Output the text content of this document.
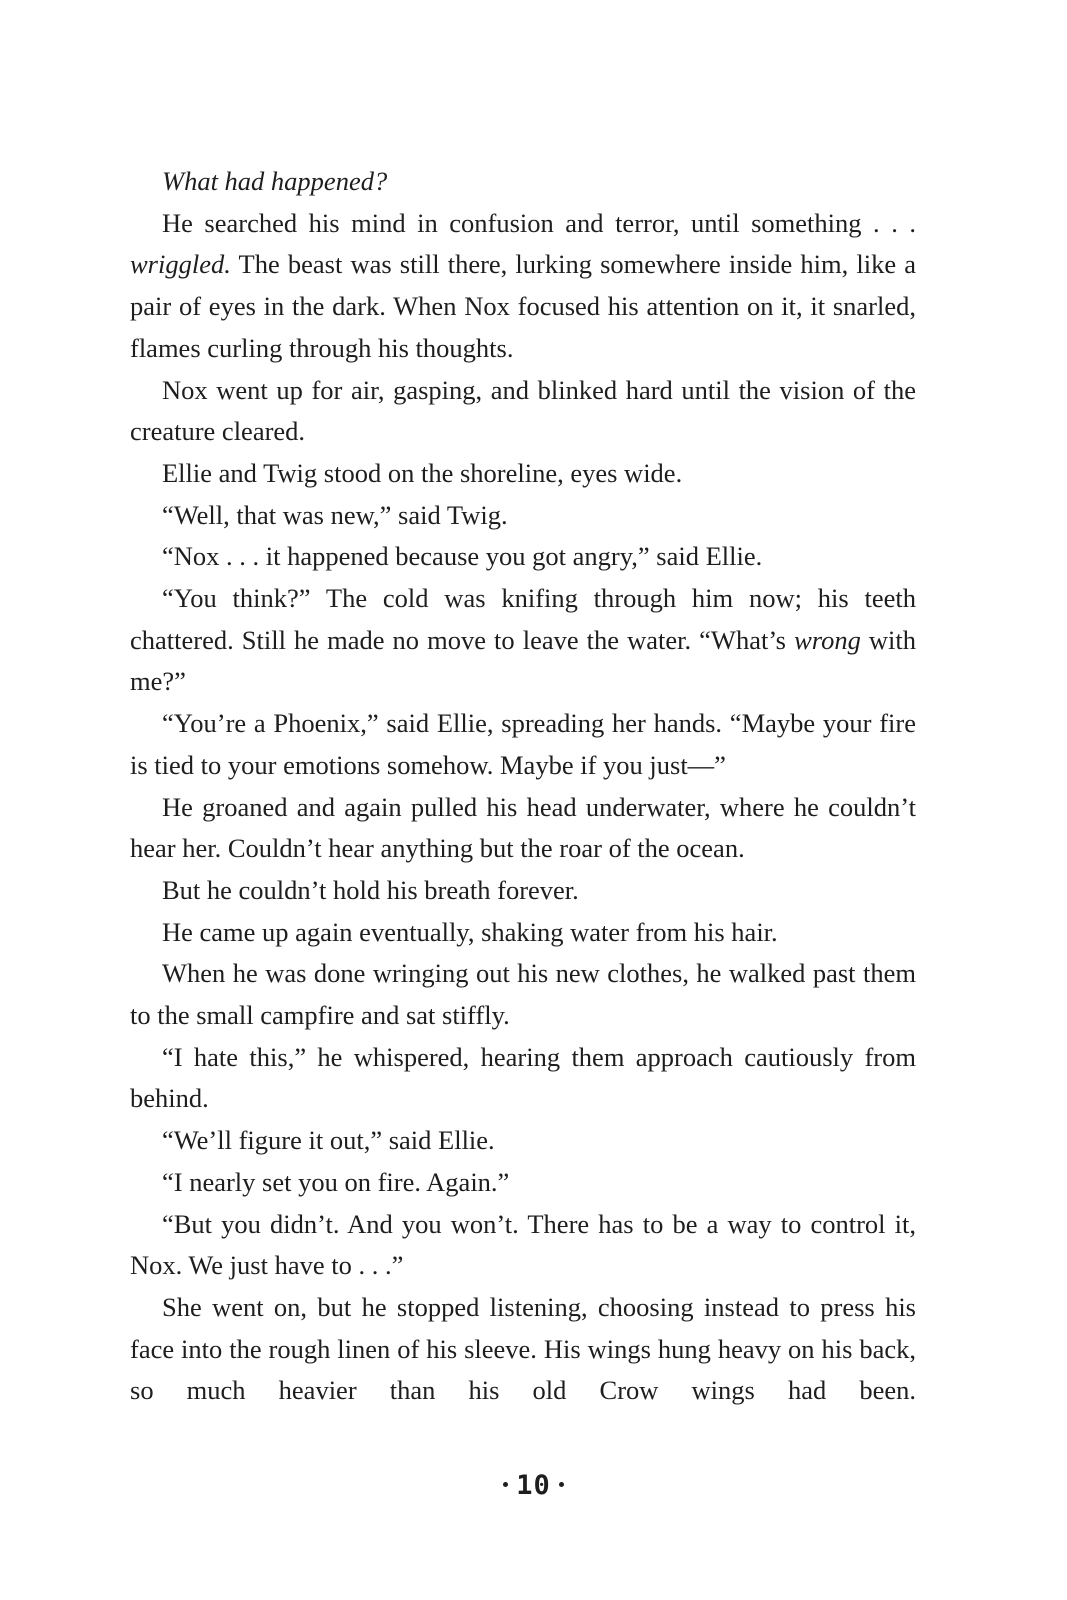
What had happened?

He searched his mind in confusion and terror, until something . . . wriggled. The beast was still there, lurking somewhere inside him, like a pair of eyes in the dark. When Nox focused his attention on it, it snarled, flames curling through his thoughts.

Nox went up for air, gasping, and blinked hard until the vision of the creature cleared.

Ellie and Twig stood on the shoreline, eyes wide.

“Well, that was new,” said Twig.

“Nox . . . it happened because you got angry,” said Ellie.

“You think?” The cold was knifing through him now; his teeth chattered. Still he made no move to leave the water. “What’s wrong with me?”

“You’re a Phoenix,” said Ellie, spreading her hands. “Maybe your fire is tied to your emotions somehow. Maybe if you just—”

He groaned and again pulled his head underwater, where he couldn’t hear her. Couldn’t hear anything but the roar of the ocean.

But he couldn’t hold his breath forever.

He came up again eventually, shaking water from his hair.

When he was done wringing out his new clothes, he walked past them to the small campfire and sat stiffly.

“I hate this,” he whispered, hearing them approach cautiously from behind.

“We’ll figure it out,” said Ellie.

“I nearly set you on fire. Again.”

“But you didn’t. And you won’t. There has to be a way to control it, Nox. We just have to . . .”

She went on, but he stopped listening, choosing instead to press his face into the rough linen of his sleeve. His wings hung heavy on his back, so much heavier than his old Crow wings had been.

10
